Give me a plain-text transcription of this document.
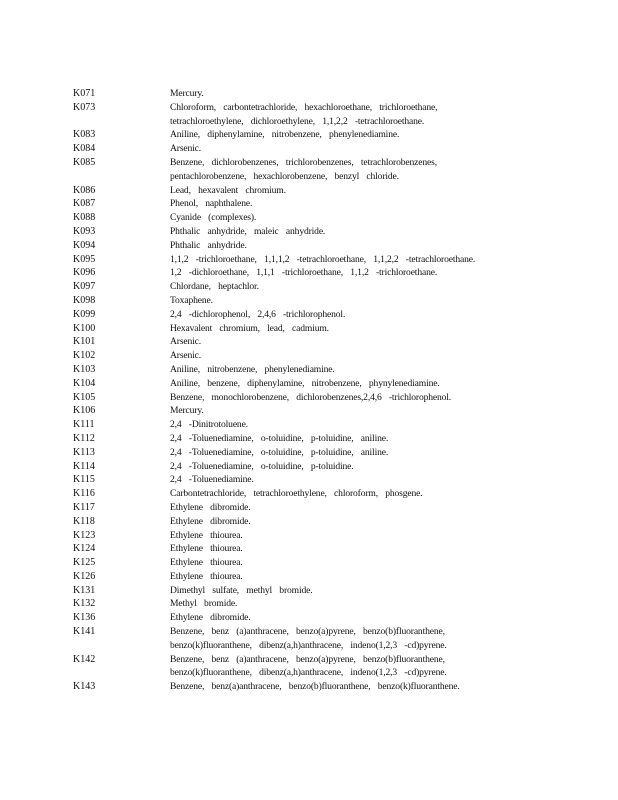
K071	Mercury.
K073	Chloroform, carbontetrachloride, hexachloroethane, trichloroethane,
tetrachloroethylene, dichloroethylene, 1,1,2,2 -tetrachloroethane.
K083	Aniline, diphenylamine, nitrobenzene, phenylenediamine.
K084	Arsenic.
K085	Benzene, dichlorobenzenes, trichlorobenzenes, tetrachlorobenzenes,
pentachlorobenzene, hexachlorobenzene, benzyl chloride.
K086	Lead, hexavalent chromium.
K087	Phenol, naphthalene.
K088	Cyanide (complexes).
K093	Phthalic anhydride, maleic anhydride.
K094	Phthalic anhydride.
K095	1,1,2 -trichloroethane, 1,1,1,2 -tetrachloroethane, 1,1,2,2 -tetrachloroethane.
K096	1,2 -dichloroethane, 1,1,1 -trichloroethane, 1,1,2 -trichloroethane.
K097	Chlordane, heptachlor.
K098	Toxaphene.
K099	2,4 -dichlorophenol, 2,4,6 -trichlorophenol.
K100	Hexavalent chromium, lead, cadmium.
K101	Arsenic.
K102	Arsenic.
K103	Aniline, nitrobenzene, phenylenediamine.
K104	Aniline, benzene, diphenylamine, nitrobenzene, phynylenediamine.
K105	Benzene, monochlorobenzene, dichlorobenzenes,2,4,6 -trichlorophenol.
K106	Mercury.
K111	2,4 -Dinitrotoluene.
K112	2,4 -Toluenediamine, o-toluidine, p-toluidine, aniline.
K113	2,4 -Toluenediamine, o-toluidine, p-toluidine, aniline.
K114	2,4 -Toluenediamine, o-toluidine, p-toluidine.
K115	2,4 -Toluenediamine.
K116	Carbontetrachloride, tetrachloroethylene, chloroform, phosgene.
K117	Ethylene dibromide.
K118	Ethylene dibromide.
K123	Ethylene thiourea.
K124	Ethylene thiourea.
K125	Ethylene thiourea.
K126	Ethylene thiourea.
K131	Dimethyl sulfate, methyl bromide.
K132	Methyl bromide.
K136	Ethylene dibromide.
K141	Benzene, benz (a)anthracene, benzo(a)pyrene, benzo(b)fluoranthene,
benzo(k)fluoranthene, dibenz(a,h)anthracene, indeno(1,2,3 -cd)pyrene.
K142	Benzene, benz (a)anthracene, benzo(a)pyrene, benzo(b)fluoranthene,
benzo(k)fluoranthene, dibenz(a,h)anthracene, indeno(1,2,3 -cd)pyrene.
K143	Benzene, benz(a)anthracene, benzo(b)fluoranthene, benzo(k)fluoranthene.
